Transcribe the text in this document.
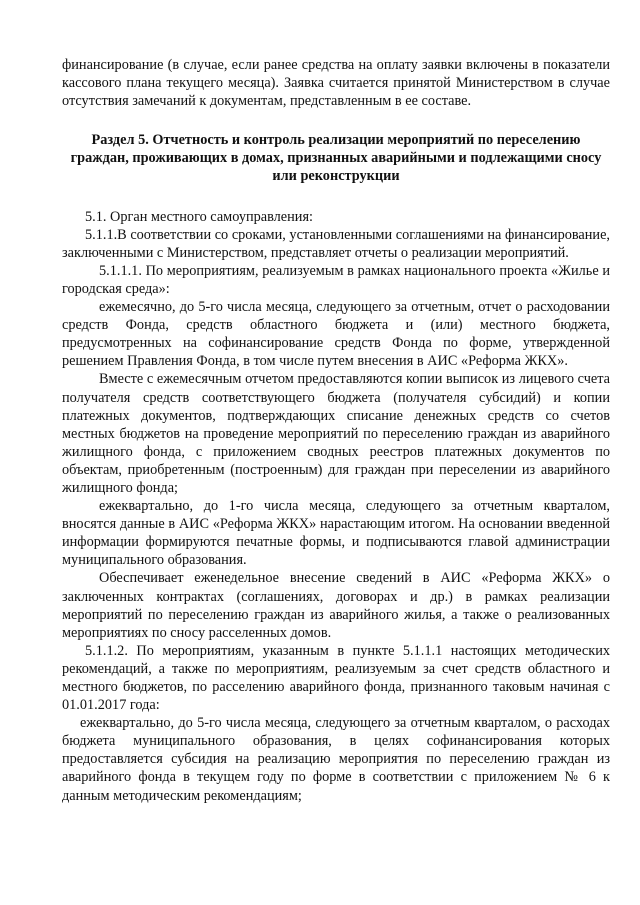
финансирование (в случае, если ранее средства на оплату заявки включены в показатели кассового плана текущего месяца). Заявка считается принятой Министерством в случае отсутствия замечаний к документам, представленным в ее составе.

Раздел 5. Отчетность и контроль реализации мероприятий по переселению граждан, проживающих в домах, признанных аварийными и подлежащими сносу или реконструкции

5.1. Орган местного самоуправления:

5.1.1.В соответствии со сроками, установленными соглашениями на финансирование, заключенными с Министерством, представляет отчеты о реализации мероприятий.

5.1.1.1. По мероприятиям, реализуемым в рамках национального проекта «Жилье и городская среда»:

ежемесячно, до 5-го числа месяца, следующего за отчетным, отчет о расходовании средств Фонда, средств областного бюджета и (или) местного бюджета, предусмотренных на софинансирование средств Фонда по форме, утвержденной решением Правления Фонда, в том числе путем внесения в АИС «Реформа ЖКХ».

Вместе с ежемесячным отчетом предоставляются копии выписок из лицевого счета получателя средств соответствующего бюджета (получателя субсидий) и копии платежных документов, подтверждающих списание денежных средств со счетов местных бюджетов на проведение мероприятий по переселению граждан из аварийного жилищного фонда, с приложением сводных реестров платежных документов по объектам, приобретенным (построенным) для граждан при переселении из аварийного жилищного фонда;

ежеквартально, до 1-го числа месяца, следующего за отчетным кварталом, вносятся данные в АИС «Реформа ЖКХ» нарастающим итогом. На основании введенной информации формируются печатные формы, и подписываются главой администрации муниципального образования.

Обеспечивает еженедельное внесение сведений в АИС «Реформа ЖКХ» о заключенных контрактах (соглашениях, договорах и др.) в рамках реализации мероприятий по переселению граждан из аварийного жилья, а также о реализованных мероприятиях по сносу расселенных домов.

5.1.1.2. По мероприятиям, указанным в пункте 5.1.1.1 настоящих методических рекомендаций, а также по мероприятиям, реализуемым за счет средств областного и местного бюджетов, по расселению аварийного фонда, признанного таковым начиная с 01.01.2017 года:

ежеквартально, до 5-го числа месяца, следующего за отчетным кварталом, о расходах бюджета муниципального образования, в целях софинансирования которых предоставляется субсидия на реализацию мероприятия по переселению граждан из аварийного фонда в текущем году по форме в соответствии с приложением № 6 к данным методическим рекомендациям;
